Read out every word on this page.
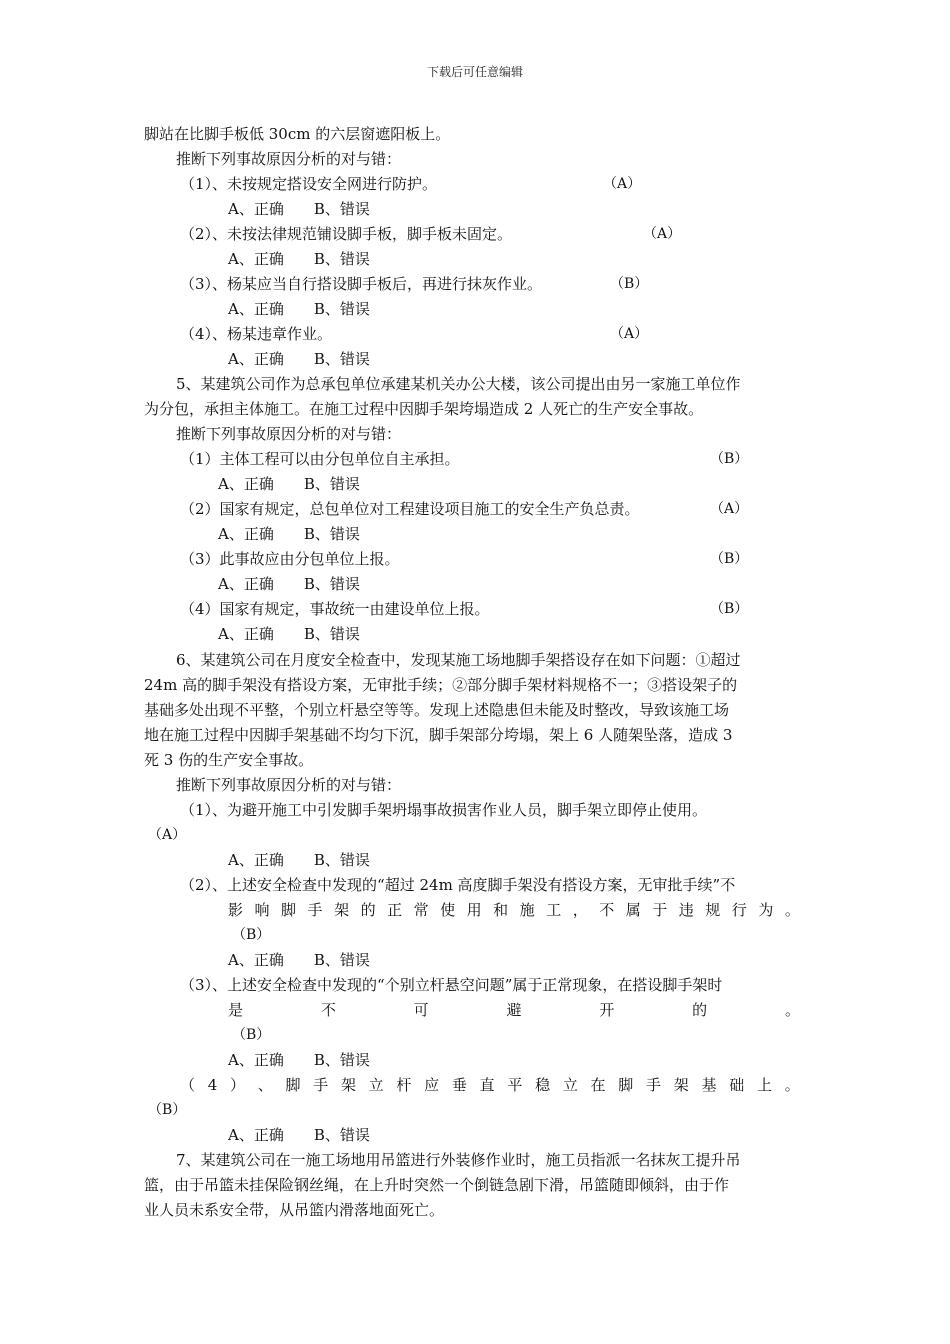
下载后可任意编辑
脚站在比脚手板低 30cm 的六层窗遮阳板上。
推断下列事故原因分析的对与错：
（1）、未按规定搭设安全网进行防护。	（A）
A、正确　　B、错误
（2）、未按法律规范铺设脚手板，脚手板未固定。	（A）
A、正确　　B、错误
（3）、杨某应当自行搭设脚手板后，再进行抹灰作业。	（B）
A、正确　　B、错误
（4）、杨某违章作业。	（A）
A、正确　　B、错误
5、某建筑公司作为总承包单位承建某机关办公大楼，该公司提出由另一家施工单位作
为分包，承担主体施工。在施工过程中因脚手架垮塌造成 2 人死亡的生产安全事故。
推断下列事故原因分析的对与错：
（1）主体工程可以由分包单位自主承担。	（B）
A、正确　　B、错误
（2）国家有规定，总包单位对工程建设项目施工的安全生产负总责。	（A）
A、正确　　B、错误
（3）此事故应由分包单位上报。	（B）
A、正确　　B、错误
（4）国家有规定，事故统一由建设单位上报。	（B）
A、正确　　B、错误
6、某建筑公司在月度安全检查中，发现某施工场地脚手架搭设存在如下问题：①超过
24m 高的脚手架没有搭设方案，无审批手续；②部分脚手架材料规格不一；③搭设架子的
基础多处出现不平整，个别立杆悬空等等。发现上述隐患但未能及时整改，导致该施工场
地在施工过程中因脚手架基础不均匀下沉，脚手架部分垮塌，架上 6 人随架坠落，造成 3
死 3 伤的生产安全事故。
推断下列事故原因分析的对与错：
（1）、为避开施工中引发脚手架坍塌事故损害作业人员，脚手架立即停止使用。
（A）
A、正确　　B、错误
（2）、上述安全检查中发现的“超过 24m 高度脚手架没有搭设方案，无审批手续”不
影 响 脚 手 架 的 正 常 使 用 和 施 工 ， 不 属 于 违 规 行 为 。
（B）
A、正确　　B、错误
（3）、上述安全检查中发现的“个别立杆悬空问题”属于正常现象，在搭设脚手架时
是	不	可	避	开	的	。
（B）
A、正确　　B、错误
（ 4 ） 、 脚 手 架 立 杆 应 垂 直 平 稳 立 在 脚 手 架 基 础 上 。
（B）
A、正确　　B、错误
7、某建筑公司在一施工场地用吊篮进行外装修作业时，施工员指派一名抹灰工提升吊
篮，由于吊篮未挂保险钢丝绳，在上升时突然一个倒链急剧下滑，吊篮随即倾斜，由于作
业人员未系安全带，从吊篮内滑落地面死亡。
